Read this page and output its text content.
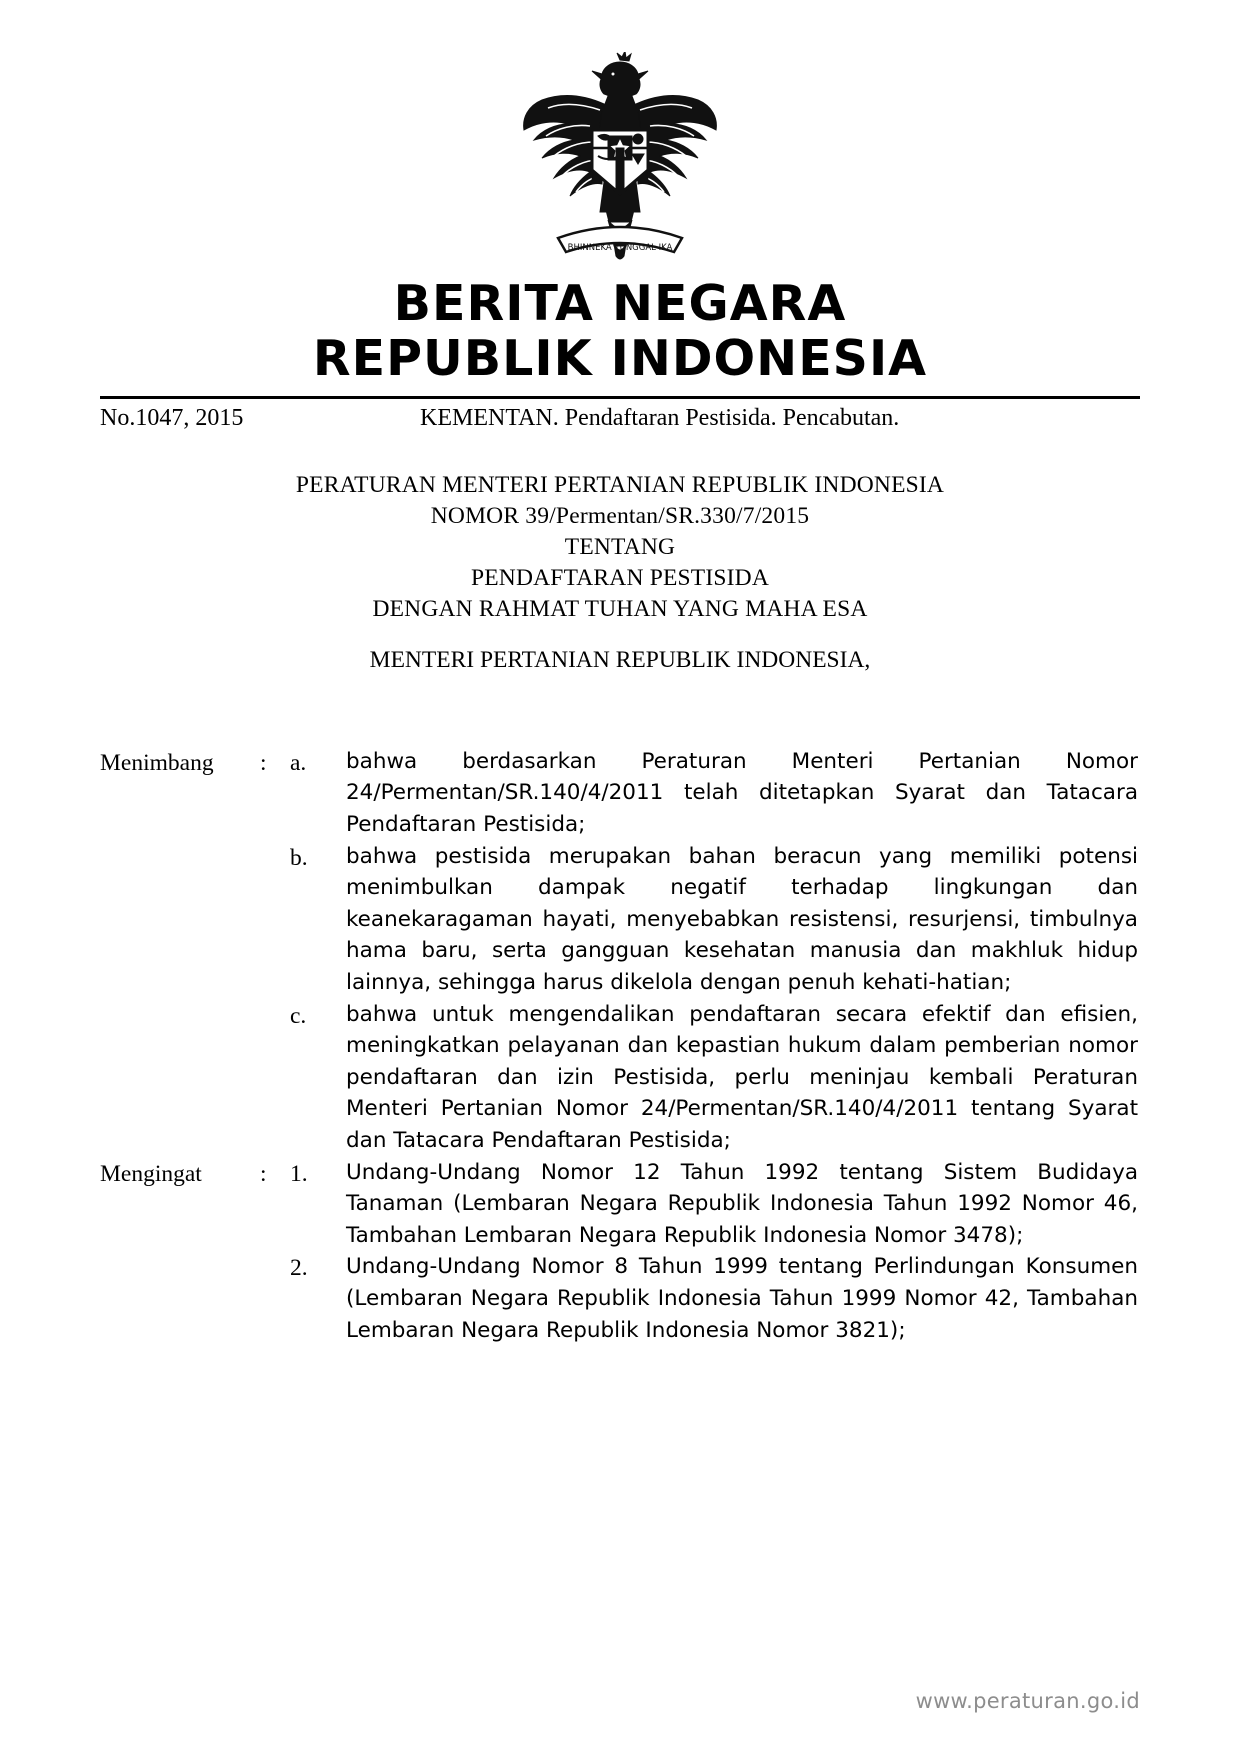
BHINNEKA TUNGGAL IKA
BERITA NEGARA
REPUBLIK INDONESIA
No.1047, 2015	KEMENTAN. Pendaftaran Pestisida. Pencabutan.
PERATURAN MENTERI PERTANIAN REPUBLIK INDONESIA
NOMOR 39/Permentan/SR.330/7/2015
TENTANG
PENDAFTARAN PESTISIDA
DENGAN RAHMAT TUHAN YANG MAHA ESA
MENTERI PERTANIAN REPUBLIK INDONESIA,
Menimbang	: a.	bahwa berdasarkan Peraturan Menteri Pertanian Nomor 24/Permentan/SR.140/4/2011 telah ditetapkan Syarat dan Tatacara Pendaftaran Pestisida;
b.	bahwa pestisida merupakan bahan beracun yang memiliki potensi menimbulkan dampak negatif terhadap lingkungan dan keanekaragaman hayati, menyebabkan resistensi, resurjensi, timbulnya hama baru, serta gangguan kesehatan manusia dan makhluk hidup lainnya, sehingga harus dikelola dengan penuh kehati-hatian;
c.	bahwa untuk mengendalikan pendaftaran secara efektif dan efisien, meningkatkan pelayanan dan kepastian hukum dalam pemberian nomor pendaftaran dan izin Pestisida, perlu meninjau kembali Peraturan Menteri Pertanian Nomor 24/Permentan/SR.140/4/2011 tentang Syarat dan Tatacara Pendaftaran Pestisida;
Mengingat	: 1.	Undang-Undang Nomor 12 Tahun 1992 tentang Sistem Budidaya Tanaman (Lembaran Negara Republik Indonesia Tahun 1992 Nomor 46, Tambahan Lembaran Negara Republik Indonesia Nomor 3478);
2.	Undang-Undang Nomor 8 Tahun 1999 tentang Perlindungan Konsumen (Lembaran Negara Republik Indonesia Tahun 1999 Nomor 42, Tambahan Lembaran Negara Republik Indonesia Nomor 3821);
www.peraturan.go.id
